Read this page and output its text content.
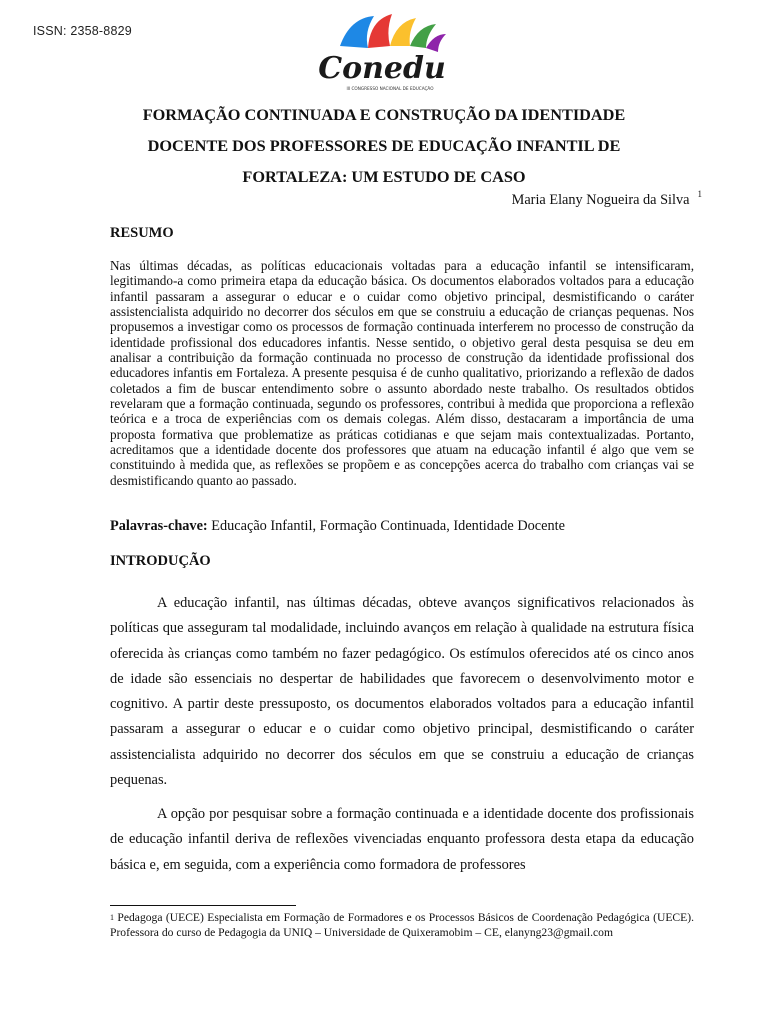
ISSN: 2358-8829
Conedu
III CONGRESSO NACIONAL DE EDUCAÇÃO
FORMAÇÃO CONTINUADA E CONSTRUÇÃO DA IDENTIDADE
DOCENTE DOS PROFESSORES DE EDUCAÇÃO INFANTIL DE
FORTALEZA: UM ESTUDO DE CASO
Maria Elany Nogueira da Silva $^1$
RESUMO

Nas últimas décadas, as políticas educacionais voltadas para a educação infantil se intensificaram, legitimando-a como primeira etapa da educação básica. Os documentos elaborados voltados para a educação infantil passaram a assegurar o educar e o cuidar como objetivo principal, desmistificando o caráter assistencialista adquirido no decorrer dos séculos em que se construiu a educação de crianças pequenas. Nos propusemos a investigar como os processos de formação continuada interferem no processo de construção da identidade profissional dos educadores infantis. Nesse sentido, o objetivo geral desta pesquisa se deu em analisar a contribuição da formação continuada no processo de construção da identidade profissional dos educadores infantis em Fortaleza. A presente pesquisa é de cunho qualitativo, priorizando a reflexão de dados coletados a fim de buscar entendimento sobre o assunto abordado neste trabalho. Os resultados obtidos revelaram que a formação continuada, segundo os professores, contribui à medida que proporciona a reflexão teórica e a troca de experiências com os demais colegas. Além disso, destacaram a importância de uma proposta formativa que problematize as práticas cotidianas e que sejam mais contextualizadas. Portanto, acreditamos que a identidade docente dos professores que atuam na educação infantil é algo que vem se constituindo à medida que, as reflexões se propõem e as concepções acerca do trabalho com crianças vai se desmistificando quanto ao passado.

Palavras-chave: Educação Infantil, Formação Continuada, Identidade Docente

INTRODUÇÃO

A educação infantil, nas últimas décadas, obteve avanços significativos relacionados às políticas que asseguram tal modalidade, incluindo avanços em relação à qualidade na estrutura física oferecida às crianças como também no fazer pedagógico. Os estímulos oferecidos até os cinco anos de idade são essenciais no despertar de habilidades que favorecem o desenvolvimento motor e cognitivo. A partir deste pressuposto, os documentos elaborados voltados para a educação infantil passaram a assegurar o educar e o cuidar como objetivo principal, desmistificando o caráter assistencialista adquirido no decorrer dos séculos em que se construiu a educação de crianças pequenas.

A opção por pesquisar sobre a formação continuada e a identidade docente dos profissionais de educação infantil deriva de reflexões vivenciadas enquanto professora desta etapa da educação básica e, em seguida, com a experiência como formadora de professores

$^1$ Pedagoga (UECE) Especialista em Formação de Formadores e os Processos Básicos de Coordenação Pedagógica (UECE). Professora do curso de Pedagogia da UNIQ – Universidade de Quixeramobim – CE, elanyng23@gmail.com
